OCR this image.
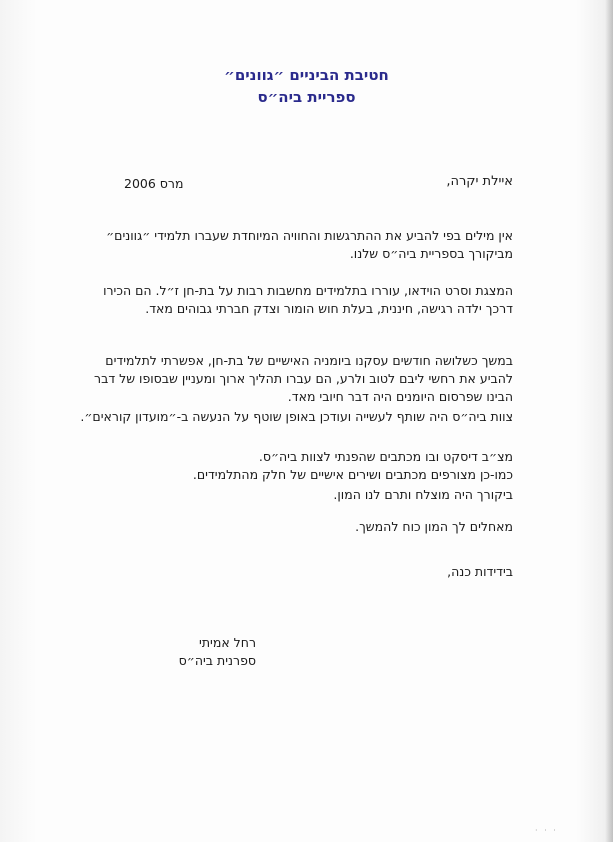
חטיבת הביניים ״גוונים״
ספריית ביה״ס
מרס 2006	איילת יקרה,
אין מילים בפי להביע את ההתרגשות והחוויה המיוחדת שעברו תלמידי ״גוונים״
מביקורך בספריית ביה״ס שלנו.
המצגת וסרט הוידאו, עוררו בתלמידים מחשבות רבות על בת-חן ז״ל. הם הכירו
דרכך ילדה רגישה, חיננית, בעלת חוש הומור וצדק חברתי גבוהים מאד.
במשך כשלושה חודשים עסקנו ביומניה האישיים של בת-חן, אפשרתי לתלמידים
להביע את רחשי ליבם לטוב ולרע, הם עברו תהליך ארוך ומעניין שבסופו של דבר
הבינו שפרסום היומנים היה דבר חיובי מאד.
צוות ביה״ס היה שותף לעשייה ועודכן באופן שוטף על הנעשה ב-״מועדון קוראים״.
מצ״ב דיסקט ובו מכתבים שהפנתי לצוות ביה״ס.
כמו-כן מצורפים מכתבים ושירים אישיים של חלק מהתלמידים.
ביקורך היה מוצלח ותרם לנו המון.
מאחלים לך המון כוח להמשך.
בידידות כנה,
רחל אמיתי
ספרנית ביה״ס
· · ·
